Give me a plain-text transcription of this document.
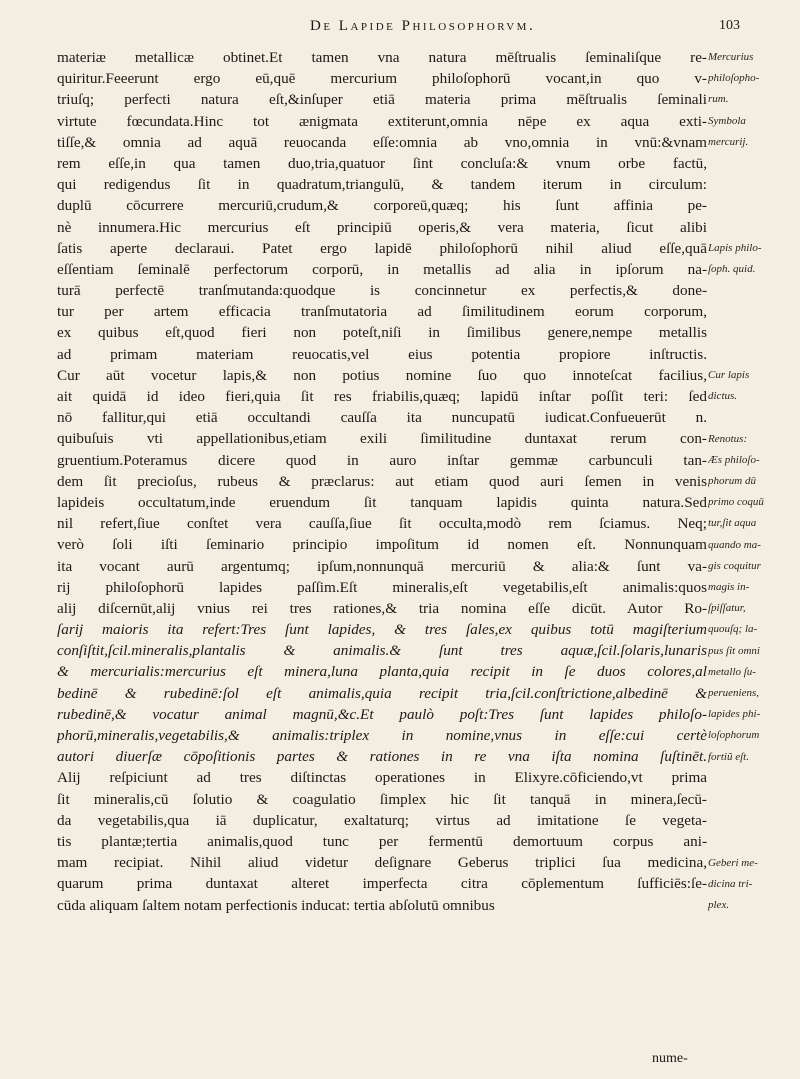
De Lapide Philosophorvm.	103
materiæ metallicæ obtinet.Et tamen vna natura mēſtrualis ſeminaliſque re-
quiritur.Feeerunt ergo eū,quē mercurium philoſophorū vocant,in quo v-
triuſq; perfecti natura eſt,&inſuper etiā materia prima mēſtrualis ſeminali
virtute fœcundata.Hinc tot ænigmata extiterunt,omnia nēpe ex aqua exti-
tiſſe,& omnia ad aquā reuocanda eſſe:omnia ab vno,omnia in vnū:&vnam
rem eſſe,in qua tamen duo,tria,quatuor ſint concluſa:& vnum orbe factū,
qui redigendus ſit in quadratum,triangulū, & tandem iterum in circulum:
duplū cōcurrere mercuriū,crudum,& corporeū,quæq; his ſunt affinia pe-
nè innumera.Hic mercurius eſt principiū operis,& vera materia, ſicut alibi
ſatis aperte declaraui. Patet ergo lapidē philoſophorū nihil aliud eſſe,quā
eſſentiam ſeminalē perfectorum corporū, in metallis ad alia in ipſorum na-
turā perfectē tranſmutanda:quodque is concinnetur ex perfectis,& done-
tur per artem efficacia tranſmutatoria ad ſimilitudinem eorum corporum,
ex quibus eſt,quod fieri non poteſt,niſi in ſimilibus genere,nempe metallis
ad primam materiam reuocatis,vel eius potentia propiore inſtructis.
Cur aūt vocetur lapis,& non potius nomine ſuo quo innoteſcat facilius,
ait quidā id ideo fieri,quia ſit res friabilis,quæq; lapidū inſtar poſſit teri: ſed
nō fallitur,qui etiā occultandi cauſſa ita nuncupatū iudicat.Confueuerūt n.
quibuſuis vti appellationibus,etiam exili ſimilitudine duntaxat rerum con-
gruentium.Poteramus dicere quod in auro inſtar gemmæ carbunculi tan-
dem ſit precioſus, rubeus & præclarus: aut etiam quod auri ſemen in venis
lapideis occultatum,inde eruendum ſit tanquam lapidis quinta natura.Sed
nil refert,ſiue conſtet vera cauſſa,ſiue ſit occulta,modò rem ſciamus. Neq;
verò ſoli iſti ſeminario principio impoſitum id nomen eſt. Nonnunquam
ita vocant aurū argentumq; ipſum,nonnunquā mercuriū & alia:& ſunt va-
rij philoſophorū lapides paſſim.Eſt mineralis,eſt vegetabilis,eſt animalis:quos
alij diſcernūt,alij vnius rei tres rationes,& tria nomina eſſe dicūt. Autor Ro-
ſarij maioris ita refert:Tres ſunt lapides, & tres ſales,ex quibus totū magiſterium
conſiſtit,ſcil.mineralis,plantalis & animalis.& ſunt tres aquæ,ſcil.ſolaris,lunaris
& mercurialis:mercurius eſt minera,luna planta,quia recipit in ſe duos colores,al
bedinē & rubedinē:ſol eſt animalis,quia recipit tria,ſcil.conſtrictione,albedinē &
rubedinē,& vocatur animal magnū,&c.Et paulò poſt:Tres ſunt lapides philoſo-
phorū,mineralis,vegetabilis,& animalis:triplex in nomine,vnus in eſſe:cui certè
autori diuerſæ cōpoſitionis partes & rationes in re vna iſta nomina ſuſtinēt.
Alij reſpiciunt ad tres diſtinctas operationes in Elixyre.cōficiendo,vt prima
ſit mineralis,cū ſolutio & coagulatio ſimplex hic ſit tanquā in minera,ſecū-
da vegetabilis,qua iā duplicatur, exaltaturq; virtus ad imitatione ſe vegeta-
tis plantæ;tertia animalis,quod tunc per fermentū demortuum corpus ani-
mam recipiat. Nihil aliud videtur deſignare Geberus triplici ſua medicina,
quarum prima duntaxat alteret imperfecta citra cōplementum ſufficiēs:ſe-
cūda aliquam ſaltem notam perfectionis inducat: tertia abſolutū omnibus
Mercurius
philoſopho-
rum.
Symbola
mercurij.
Lapis philo-
ſoph. quid.
Cur lapis
dictus.
Renotus:
Æs philoſo-
phorum dū
primo coquū
tur,ſit aqua
quando ma-
gis coquitur
magis in-
ſpiſſatur,
quouſq; la-
pus ſit omni
metallo ſu-
perueniens,
lapides phi-
loſophorum
fortiũ eſt.
Geberi me-
dicina tri-
plex.
nume-
